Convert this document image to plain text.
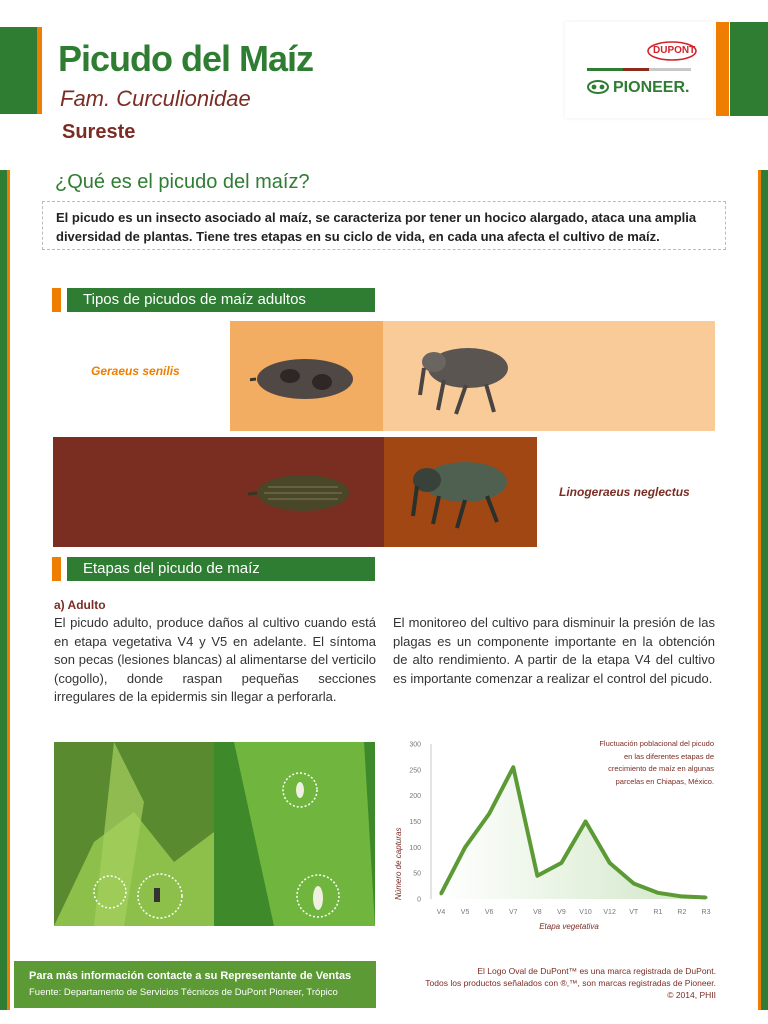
Picudo del Maíz
Fam. Curculionidae
Sureste
DUPONT
PIONEER.
¿Qué es el picudo del maíz?
El picudo es un insecto asociado al maíz, se caracteriza por tener un hocico alargado, ataca una amplia diversidad de plantas. Tiene tres etapas en su ciclo de vida, en cada una afecta el cultivo de maíz.
Tipos de picudos de maíz adultos
Geraeus senilis
Linogeraeus neglectus
Etapas del picudo de maíz
a) Adulto
El picudo adulto, produce daños al cultivo cuando está en etapa vegetativa V4 y V5 en adelante. El síntoma son pecas (lesiones blancas) al alimentarse del verticilo (cogollo), donde raspan pequeñas secciones irregulares de la epidermis sin llegar a perforarla.
El monitoreo del cultivo para disminuir la presión de las plagas es un componente importante en la obtención de alto rendimiento. A partir de la etapa V4 del cultivo es importante comenzar a realizar el control del picudo.
0
50
100
150
200
250
300
V4 V5 V6 V7 V8 V9 V10 V12 VT R1 R2 R3
Número de capturas
Etapa vegetativa
Fluctuación poblacional del picudo en las diferentes etapas de crecimiento de maíz en algunas parcelas en Chiapas, México.
Para más información contacte a su Representante de Ventas
Fuente: Departamento de Servicios Técnicos de DuPont Pioneer, Trópico
El Logo Oval de DuPont™ es una marca registrada de DuPont.
Todos los productos señalados con ®,™, son marcas registradas de Pioneer.
© 2014, PHII
